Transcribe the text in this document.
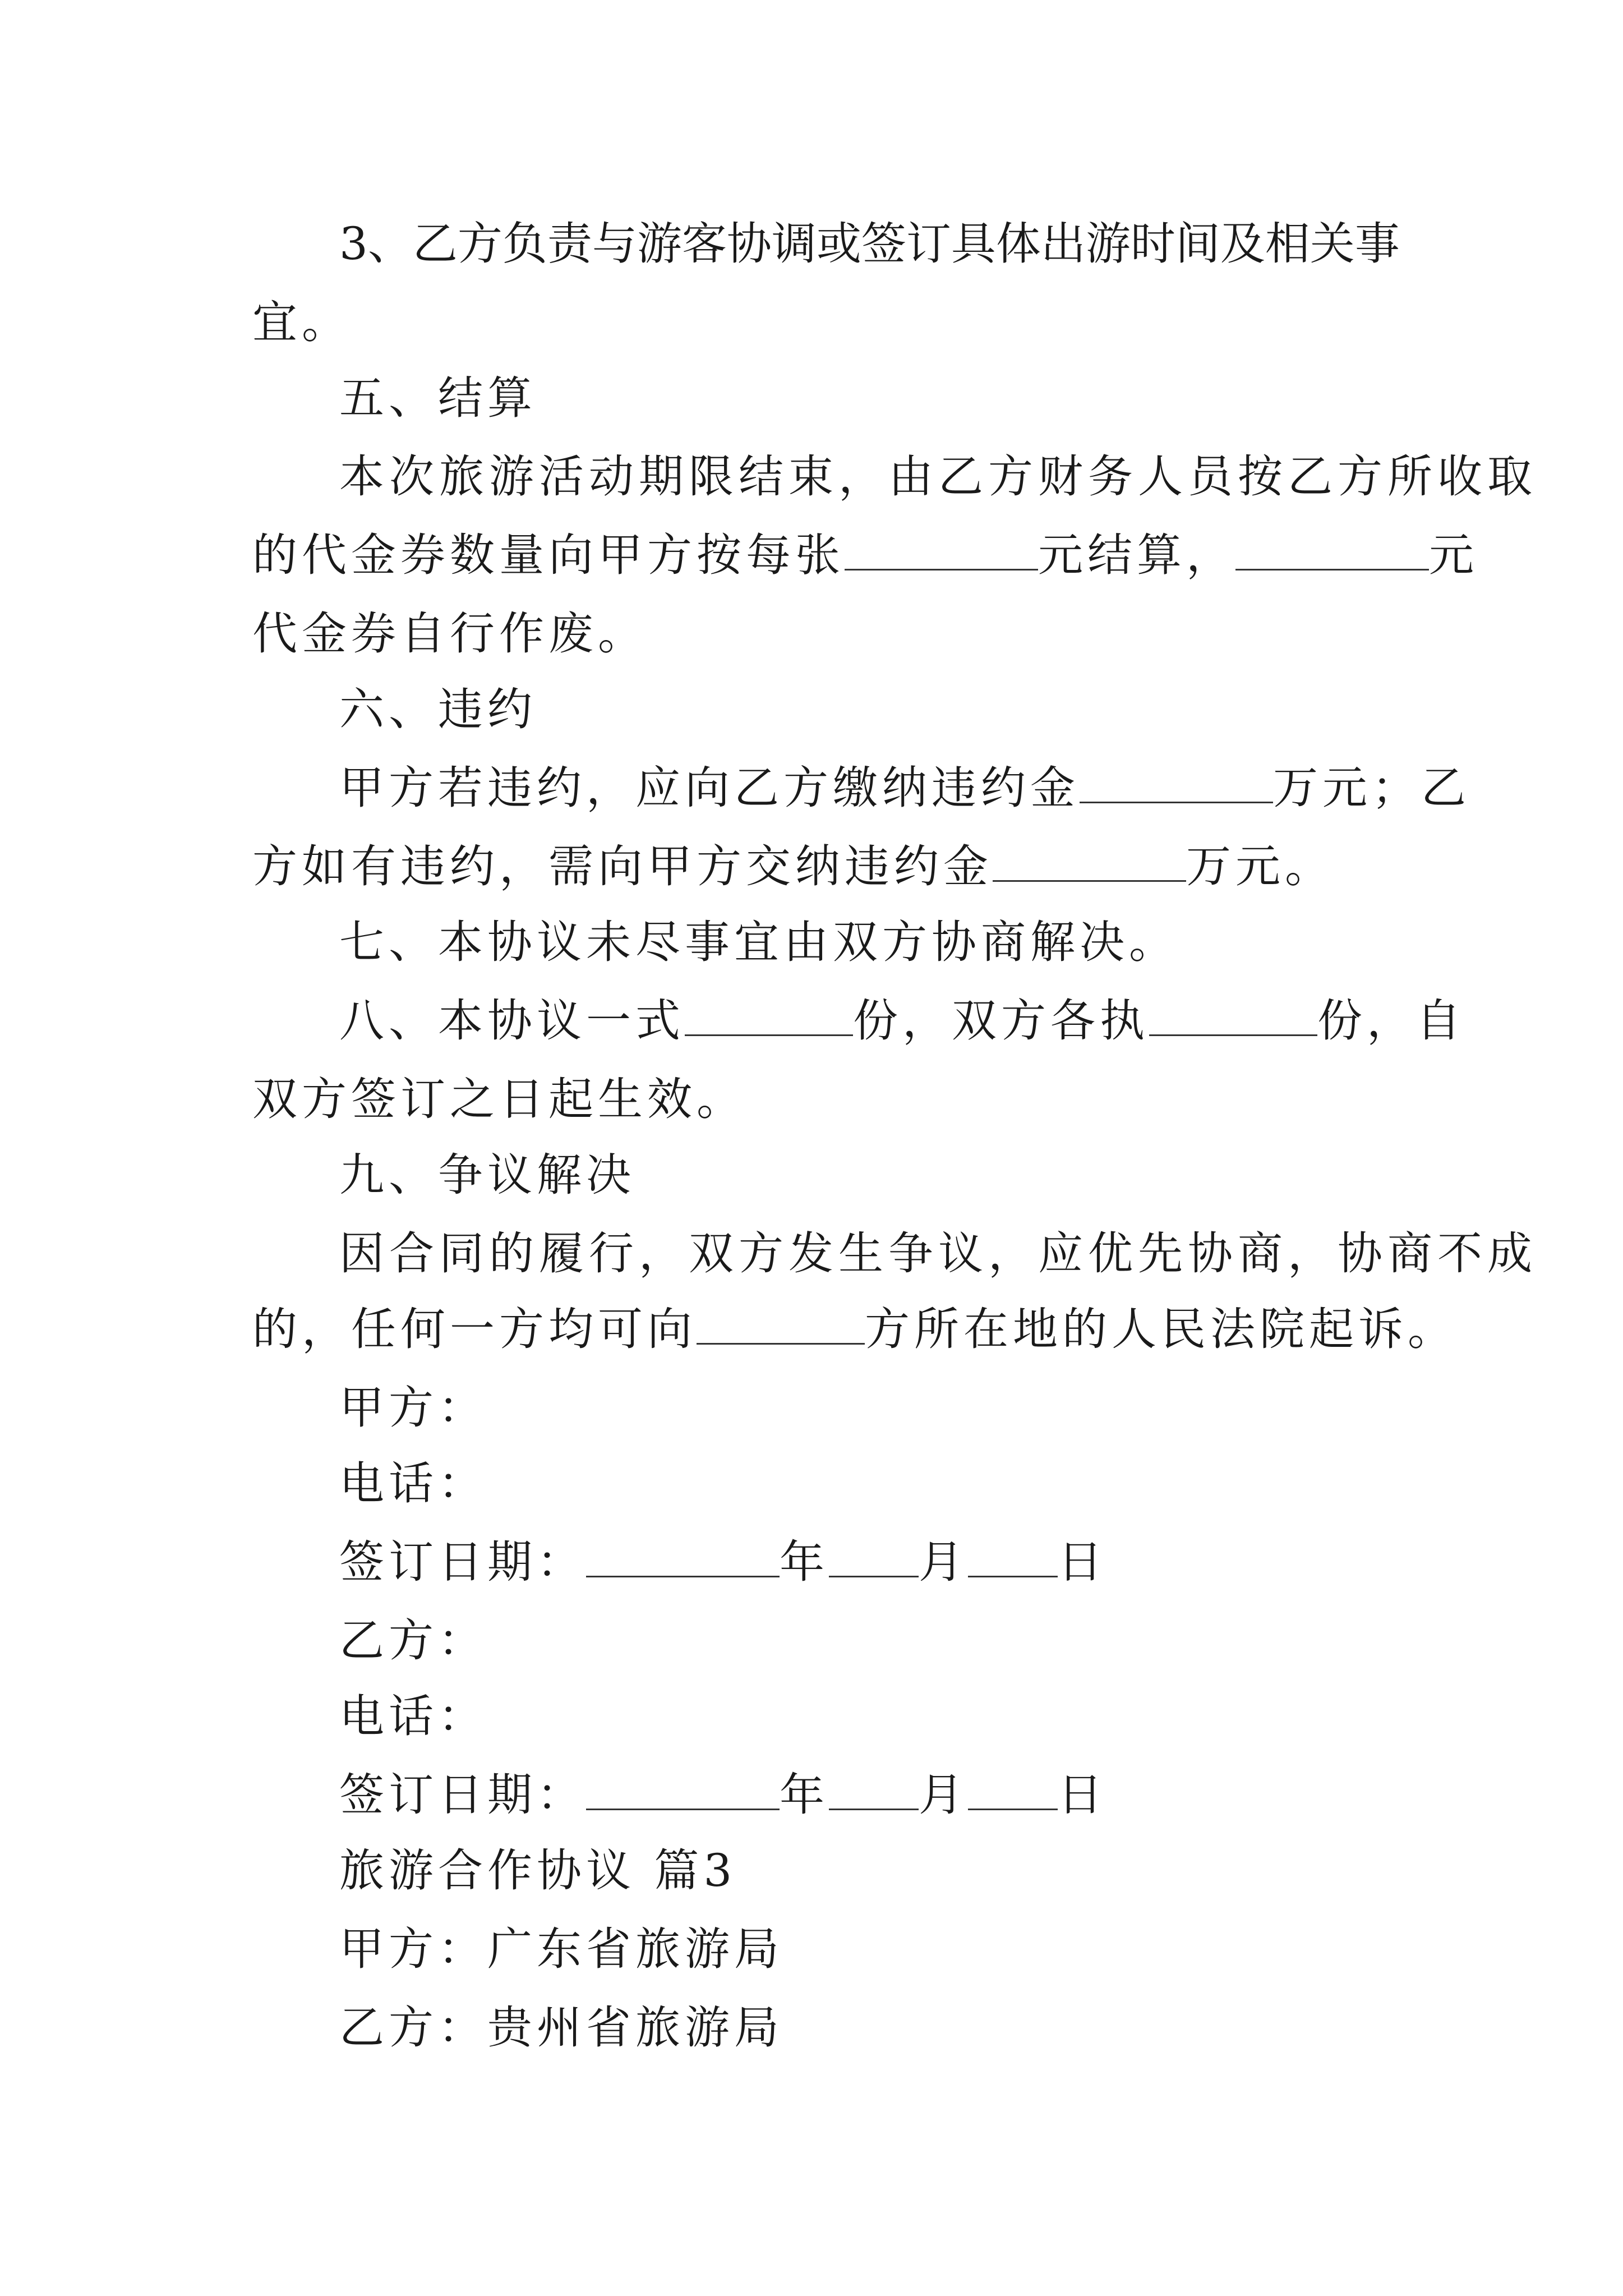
3、乙方负责与游客协调或签订具体出游时间及相关事
宜。
五、结算
本次旅游活动期限结束，由乙方财务人员按乙方所收取
的代金券数量向甲方按每张	元结算，	元
代金券自行作废。
六、违约
甲方若违约，应向乙方缴纳违约金	万元；乙
方如有违约，需向甲方交纳违约金	万元。
七、本协议未尽事宜由双方协商解决。
八、本协议一式	份，双方各执	份，自
双方签订之日起生效。
九、争议解决
因合同的履行，双方发生争议，应优先协商，协商不成
的，任何一方均可向	方所在地的人民法院起诉。
甲方：
电话：
签订日期：	年 月 日
乙方：
电话：
签订日期：	年 月 日
旅游合作协议 篇3
甲方：广东省旅游局
乙方：贵州省旅游局
